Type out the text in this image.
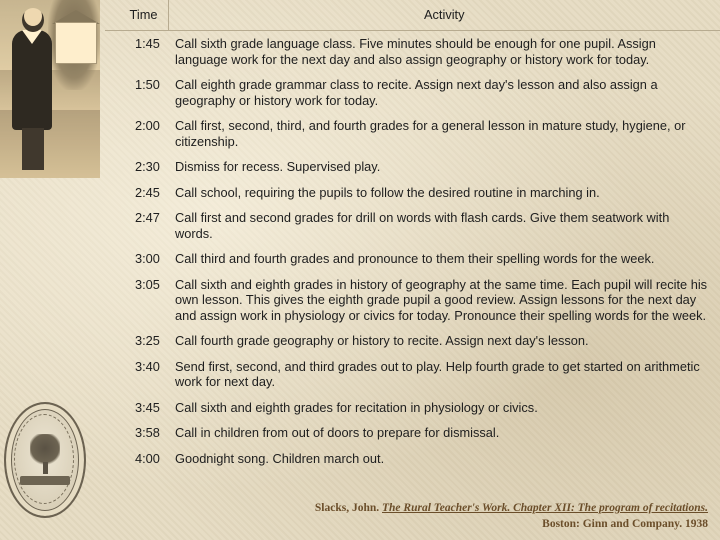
Time	Activity
1:45	Call sixth grade language class. Five minutes should be enough for one pupil. Assign language work for the next day and also assign geography or history work for today.
1:50	Call eighth grade grammar class to recite. Assign next day's lesson and also assign a geography or history work for today.
2:00	Call first, second, third, and fourth grades for a general lesson in mature study, hygiene, or citizenship.
2:30	Dismiss for recess. Supervised play.
2:45	Call school, requiring the pupils to follow the desired routine in marching in.
2:47	Call first and second grades for drill on words with flash cards. Give them seatwork with words.
3:00	Call third and fourth grades and pronounce to them their spelling words for the week.
3:05	Call sixth and eighth grades in history of geography at the same time. Each pupil will recite his own lesson. This gives the eighth grade pupil a good review. Assign lessons for the next day and assign work in physiology or civics for today. Pronounce their spelling words for the week.
3:25	Call fourth grade geography or history to recite. Assign next day's lesson.
3:40	Send first, second, and third grades out to play. Help fourth grade to get started on arithmetic work for next day.
3:45	Call sixth and eighth grades for recitation in physiology or civics.
3:58	Call in children from out of doors to prepare for dismissal.
4:00	Goodnight song. Children march out.
Slacks, John. The Rural Teacher's Work. Chapter XII: The program of recitations.
Boston: Ginn and Company. 1938
